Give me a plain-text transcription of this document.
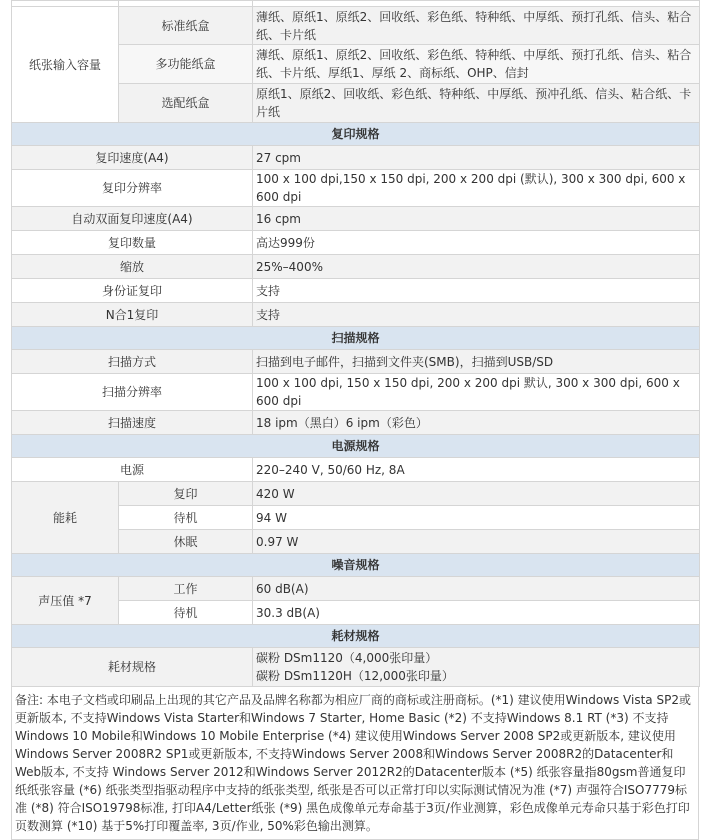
纸张输入容量	标准纸盒	薄纸、原纸1、原纸2、回收纸、彩色纸、特种纸、中厚纸、预打孔纸、信头、粘合纸、卡片纸
	多功能纸盒	薄纸、原纸1、原纸2、回收纸、彩色纸、特种纸、中厚纸、预打孔纸、信头、粘合纸、卡片纸、厚纸1、厚纸 2、商标纸、OHP、信封
	选配纸盒	原纸1、原纸2、回收纸、彩色纸、特种纸、中厚纸、预冲孔纸、信头、粘合纸、卡片纸
复印规格		
复印速度(A4)		27 cpm
复印分辨率		100 x 100 dpi,150 x 150 dpi, 200 x 200 dpi (默认), 300 x 300 dpi, 600 x 600 dpi
自动双面复印速度(A4)		16 cpm
复印数量		高达999份
缩放		25%–400%
身份证复印		支持
N合1复印		支持
扫描规格		
扫描方式		扫描到电子邮件，扫描到文件夹(SMB)，扫描到USB/SD
扫描分辨率		100 x 100 dpi, 150 x 150 dpi, 200 x 200 dpi 默认, 300 x 300 dpi, 600 x 600 dpi
扫描速度		18 ipm（黑白）6 ipm（彩色）
电源规格		
电源		220–240 V, 50/60 Hz, 8A
能耗	复印	420 W
	待机	94 W
	休眠	0.97 W
噪音规格		
声压值 *7	工作	60 dB(A)
	待机	30.3 dB(A)
耗材规格		
耗材规格		碳粉 DSm1120（4,000张印量）
碳粉 DSm1120H（12,000张印量）
备注: 本电子文档或印刷品上出现的其它产品及品牌名称都为相应厂商的商标或注册商标。(*1) 建议使用Windows Vista SP2或更新版本, 不支持Windows Vista Starter和Windows 7 Starter, Home Basic (*2) 不支持Windows 8.1 RT (*3) 不支持Windows 10 Mobile和Windows 10 Mobile Enterprise (*4) 建议使用Windows Server 2008 SP2或更新版本, 建议使用Windows Server 2008R2 SP1或更新版本, 不支持Windows Server 2008和Windows Server 2008R2的Datacenter和Web版本, 不支持 Windows Server 2012和Windows Server 2012R2的Datacenter版本 (*5) 纸张容量指80gsm普通复印纸纸张容量 (*6) 纸张类型指驱动程序中支持的纸张类型, 纸张是否可以正常打印以实际测试情况为准 (*7) 声强符合ISO7779标准 (*8) 符合ISO19798标准, 打印A4/Letter纸张 (*9) 黑色成像单元寿命基于3页/作业测算，彩色成像单元寿命只基于彩色打印页数测算 (*10) 基于5%打印覆盖率, 3页/作业, 50%彩色输出测算。
